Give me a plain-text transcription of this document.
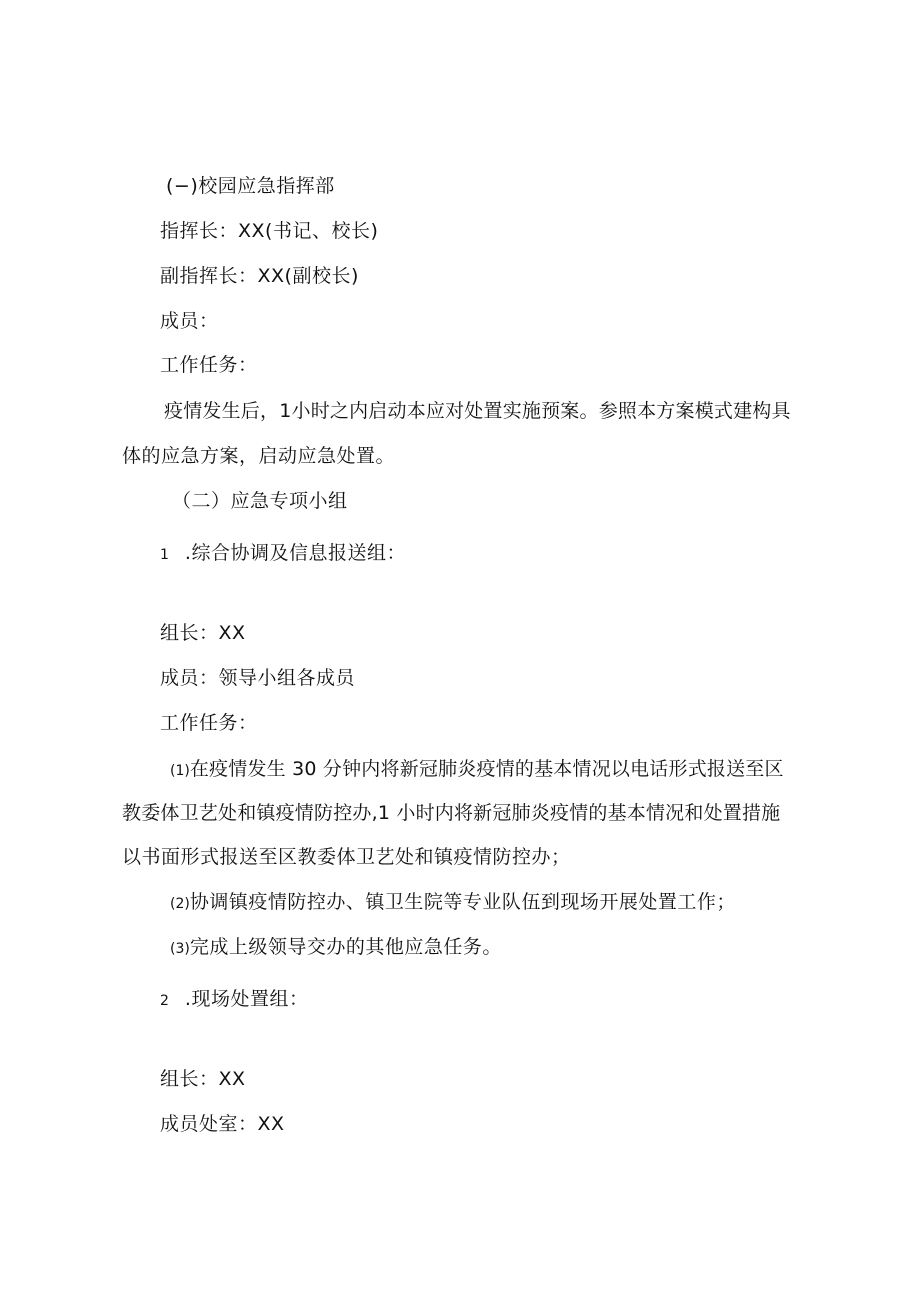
(−)校园应急指挥部
指挥长：XX(书记、校长)
副指挥长：XX(副校长)
成员：
工作任务：
疫情发生后，1小时之内启动本应对处置实施预案。参照本方案模式建构具
体的应急方案，启动应急处置。
（二）应急专项小组
1 .综合协调及信息报送组：
组长：XX
成员：领导小组各成员
工作任务：
(1)在疫情发生 30 分钟内将新冠肺炎疫情的基本情况以电话形式报送至区
教委体卫艺处和镇疫情防控办,1 小时内将新冠肺炎疫情的基本情况和处置措施
以书面形式报送至区教委体卫艺处和镇疫情防控办；
(2)协调镇疫情防控办、镇卫生院等专业队伍到现场开展处置工作；
(3)完成上级领导交办的其他应急任务。
2 .现场处置组：
组长：XX
成员处室：XX
